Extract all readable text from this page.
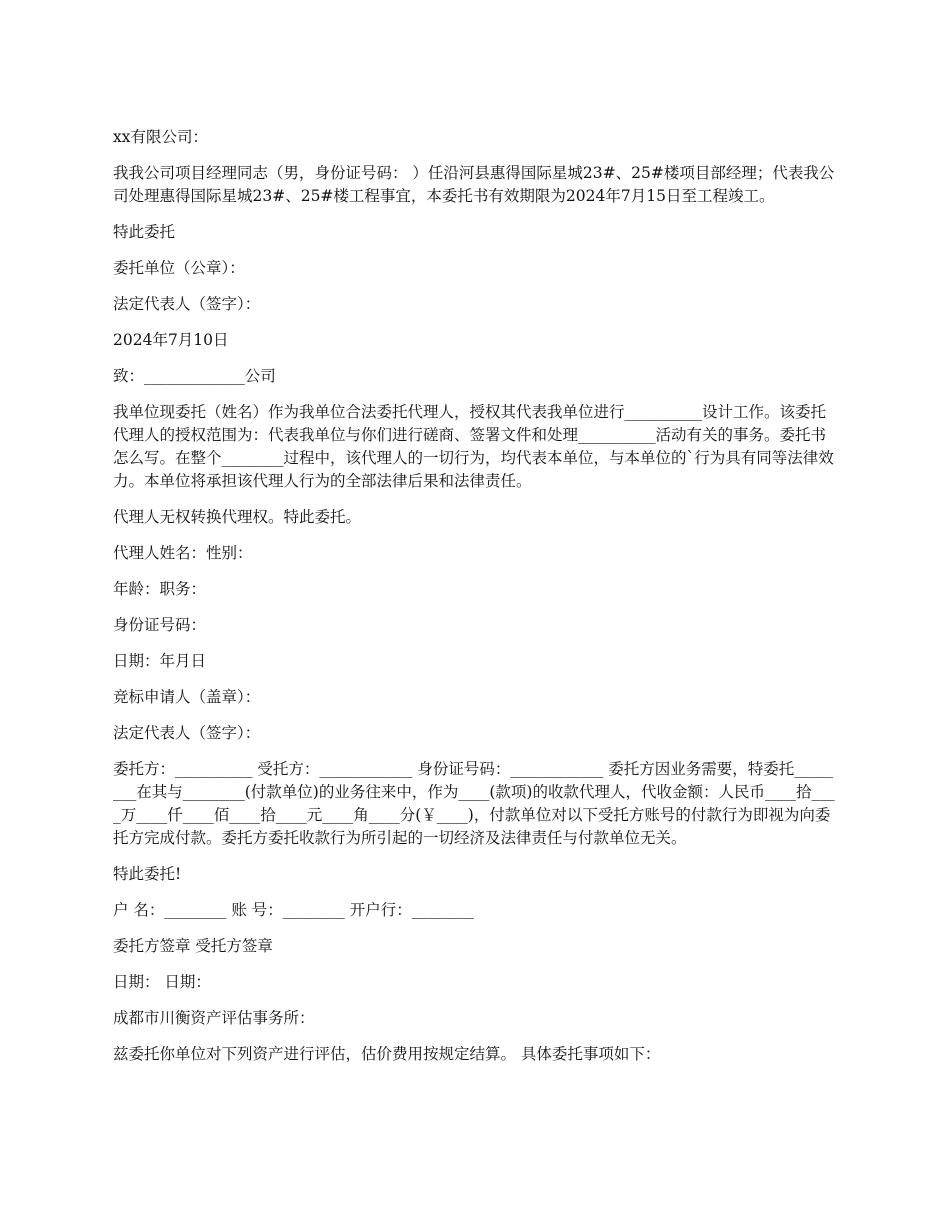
xx有限公司：

我我公司项目经理同志（男，身份证号码： ）任沿河县惠得国际星城23#、25#楼项目部经理；代表我公司处理惠得国际星城23#、25#楼工程事宜，本委托书有效期限为2024年7月15日至工程竣工。

特此委托

委托单位（公章）：

法定代表人（签字）：

2024年7月10日

致：_____________公司

我单位现委托（姓名）作为我单位合法委托代理人，授权其代表我单位进行__________设计工作。该委托代理人的授权范围为：代表我单位与你们进行磋商、签署文件和处理__________活动有关的事务。委托书怎么写。在整个________过程中，该代理人的一切行为，均代表本单位，与本单位的`行为具有同等法律效力。本单位将承担该代理人行为的全部法律后果和法律责任。

代理人无权转换代理权。特此委托。

代理人姓名：性别：

年龄：职务：

身份证号码：

日期：年月日

竞标申请人（盖章）：

法定代表人（签字）：

委托方：__________ 受托方：____________ 身份证号码：____________ 委托方因业务需要，特委托________在其与________(付款单位)的业务往来中，作为____(款项)的收款代理人，代收金额：人民币____拾____万____仟____佰____拾____元____角____分(￥____)，付款单位对以下受托方账号的付款行为即视为向委托方完成付款。委托方委托收款行为所引起的一切经济及法律责任与付款单位无关。

特此委托!

户 名：________ 账 号：________ 开户行：________

委托方签章 受托方签章

日期： 日期：

成都市川衡资产评估事务所：

兹委托你单位对下列资产进行评估，估价费用按规定结算。 具体委托事项如下：
